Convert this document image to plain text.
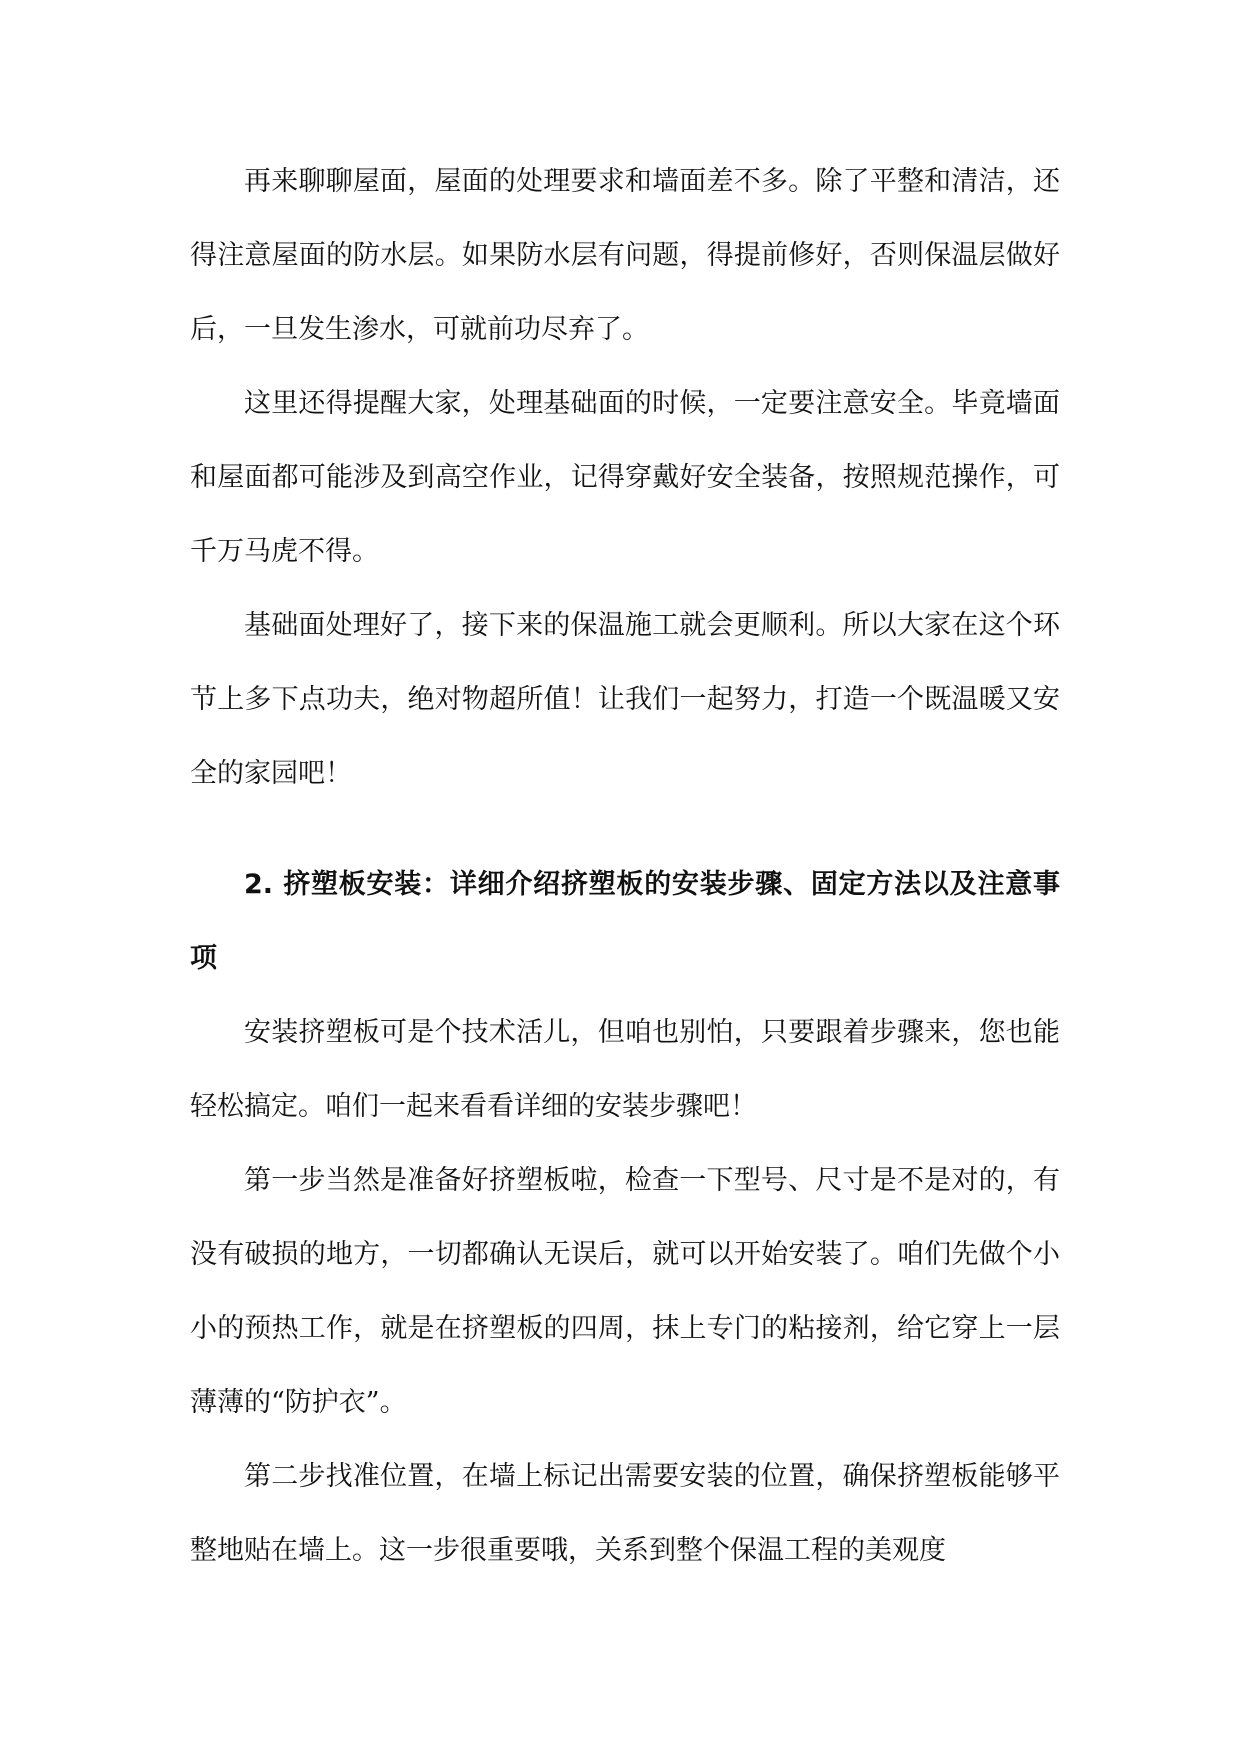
再来聊聊屋面，屋面的处理要求和墙面差不多。除了平整和清洁，还得注意屋面的防水层。如果防水层有问题，得提前修好，否则保温层做好后，一旦发生渗水，可就前功尽弃了。

这里还得提醒大家，处理基础面的时候，一定要注意安全。毕竟墙面和屋面都可能涉及到高空作业，记得穿戴好安全装备，按照规范操作，可千万马虎不得。

基础面处理好了，接下来的保温施工就会更顺利。所以大家在这个环节上多下点功夫，绝对物超所值！让我们一起努力，打造一个既温暖又安全的家园吧！

2. 挤塑板安装：详细介绍挤塑板的安装步骤、固定方法以及注意事项

安装挤塑板可是个技术活儿，但咱也别怕，只要跟着步骤来，您也能轻松搞定。咱们一起来看看详细的安装步骤吧！

第一步当然是准备好挤塑板啦，检查一下型号、尺寸是不是对的，有没有破损的地方，一切都确认无误后，就可以开始安装了。咱们先做个小小的预热工作，就是在挤塑板的四周，抹上专门的粘接剂，给它穿上一层薄薄的“防护衣”。

第二步找准位置，在墙上标记出需要安装的位置，确保挤塑板能够平整地贴在墙上。这一步很重要哦，关系到整个保温工程的美观度
